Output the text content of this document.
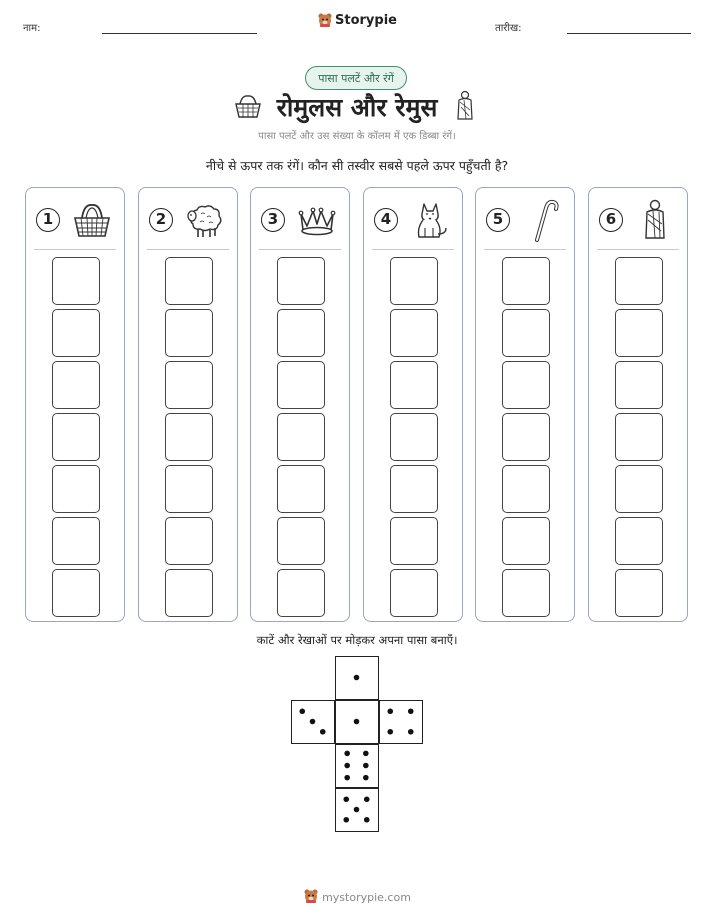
नाम:
Storypie
तारीख:
पासा पलटें और रंगें
रोमुलस और रेमुस
पासा पलटें और उस संख्या के कॉलम में एक डिब्बा रंगें।
नीचे से ऊपर तक रंगें। कौन सी तस्वीर सबसे पहले ऊपर पहुँचती है?
1	2	3	4	5	6
काटें और रेखाओं पर मोड़कर अपना पासा बनाएँ।
mystorypie.com
